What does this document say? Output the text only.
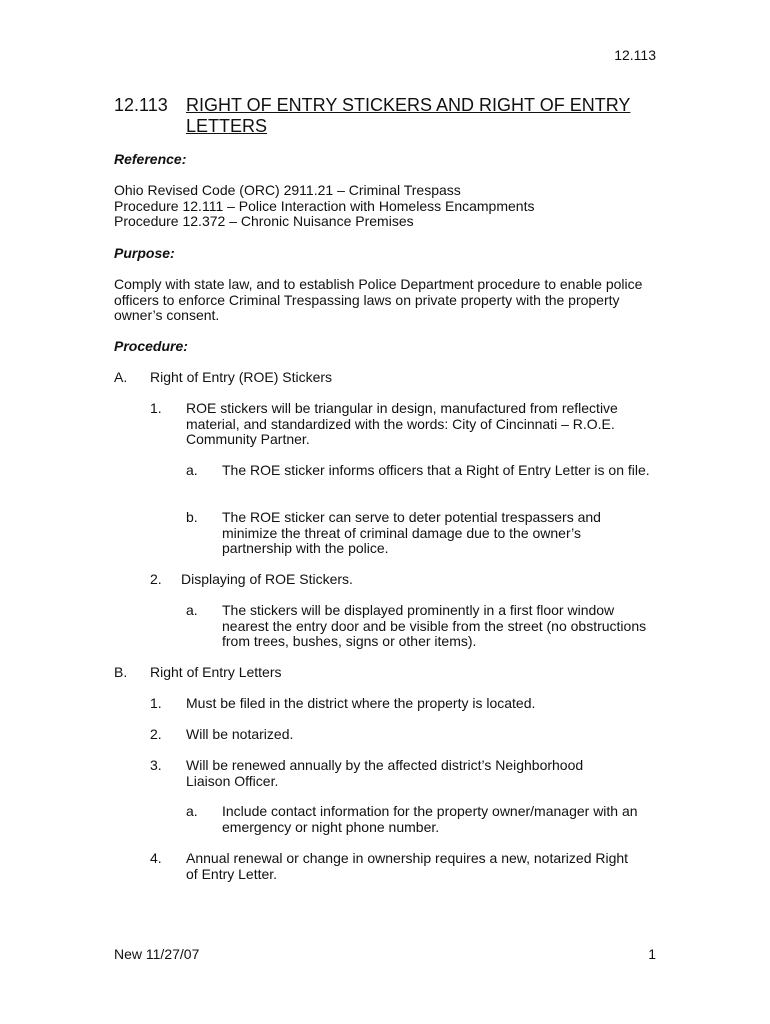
12.113
12.113 RIGHT OF ENTRY STICKERS AND RIGHT OF ENTRY LETTERS
Reference:
Ohio Revised Code (ORC) 2911.21 – Criminal Trespass
Procedure 12.111 – Police Interaction with Homeless Encampments
Procedure 12.372 – Chronic Nuisance Premises
Purpose:
Comply with state law, and to establish Police Department procedure to enable police officers to enforce Criminal Trespassing laws on private property with the property owner’s consent.
Procedure:
A. Right of Entry (ROE) Stickers
1. ROE stickers will be triangular in design, manufactured from reflective material, and standardized with the words: City of Cincinnati – R.O.E. Community Partner.
a. The ROE sticker informs officers that a Right of Entry Letter is on file.
b. The ROE sticker can serve to deter potential trespassers and minimize the threat of criminal damage due to the owner’s partnership with the police.
2. Displaying of ROE Stickers.
a. The stickers will be displayed prominently in a first floor window nearest the entry door and be visible from the street (no obstructions from trees, bushes, signs or other items).
B. Right of Entry Letters
1. Must be filed in the district where the property is located.
2. Will be notarized.
3. Will be renewed annually by the affected district’s Neighborhood Liaison Officer.
a. Include contact information for the property owner/manager with an emergency or night phone number.
4. Annual renewal or change in ownership requires a new, notarized Right of Entry Letter.
New 11/27/07	1
